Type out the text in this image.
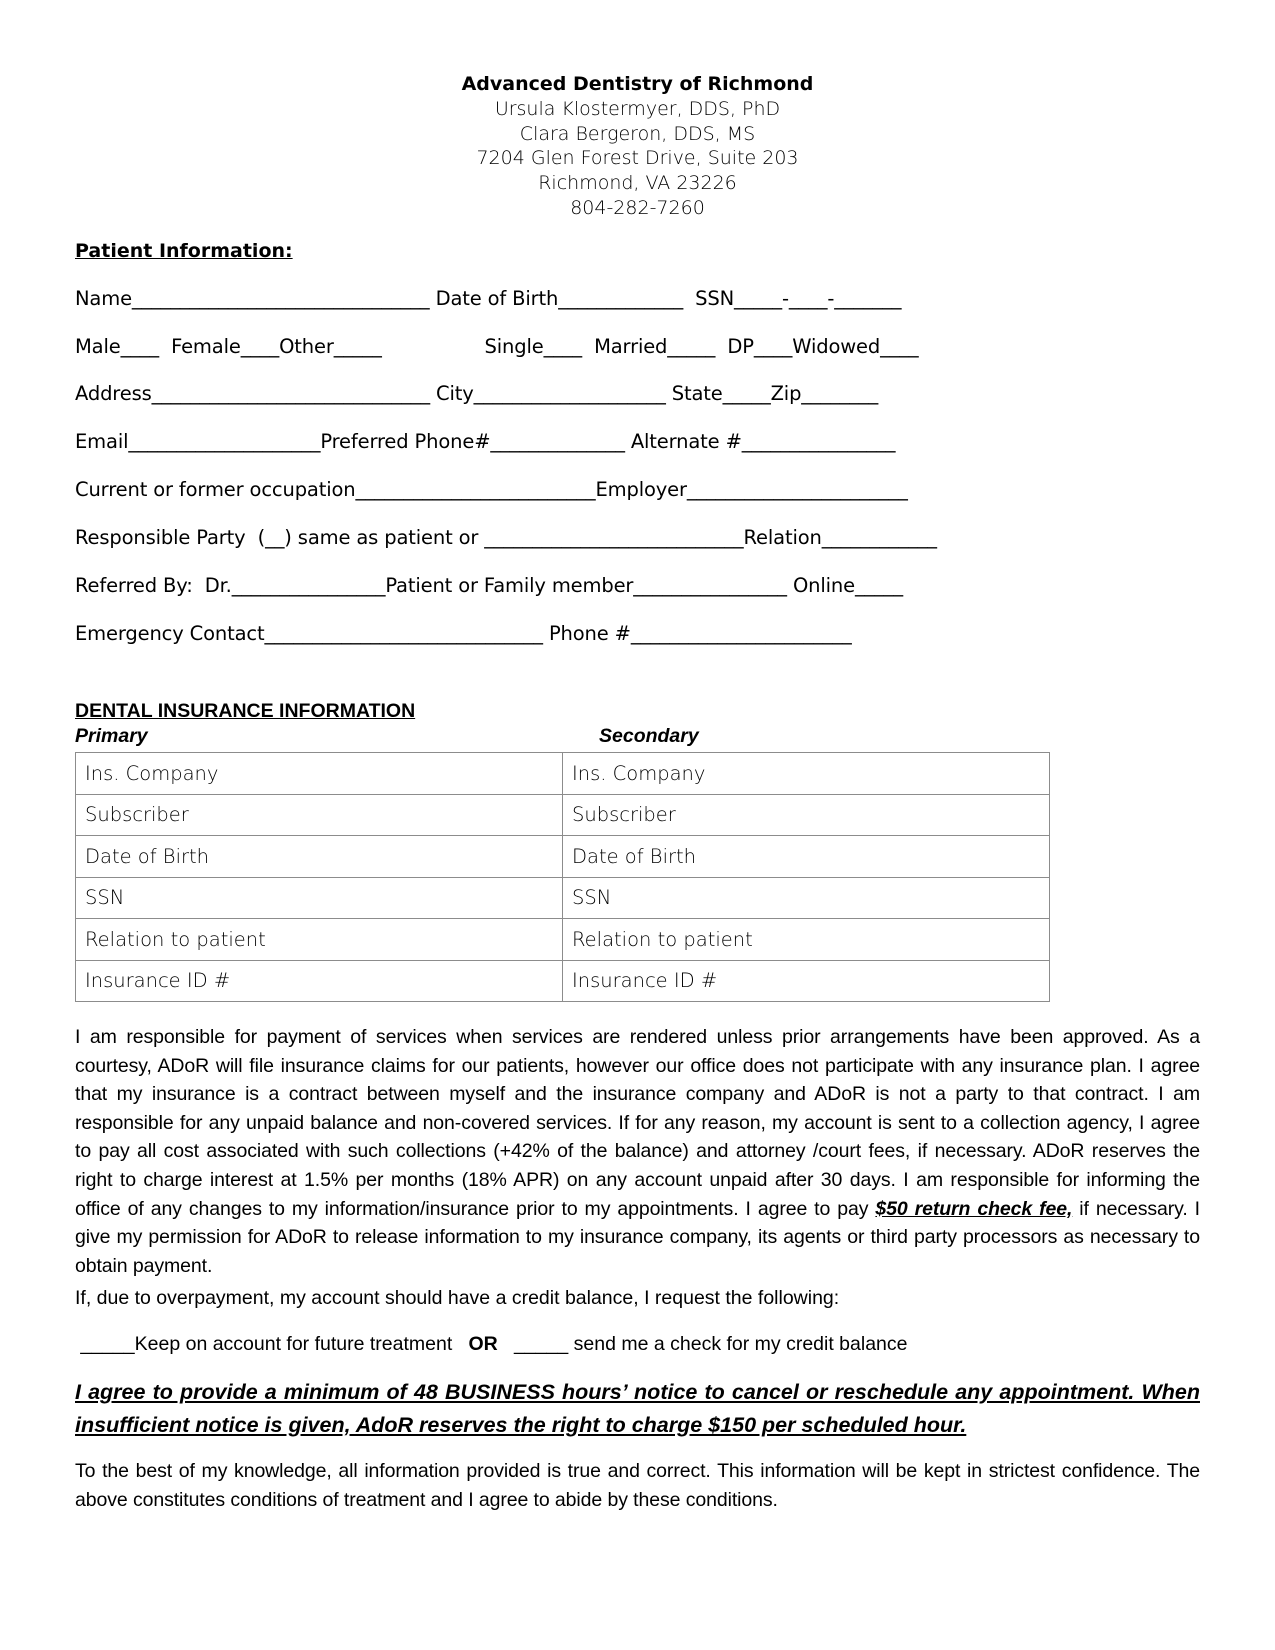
Advanced Dentistry of Richmond
Ursula Klostermyer, DDS, PhD
Clara Bergeron, DDS, MS
7204 Glen Forest Drive, Suite 203
Richmond, VA 23226
804-282-7260
Patient Information:
Name_______________________________ Date of Birth_____________  SSN_____-____-_______
Male____  Female____Other_____                 Single____  Married_____  DP____Widowed____
Address_____________________________ City____________________ State_____Zip________
Email____________________Preferred Phone#______________ Alternate #________________
Current or former occupation_________________________Employer_______________________
Responsible Party  (__) same as patient or ___________________________Relation____________
Referred By:  Dr.________________Patient or Family member________________ Online_____
Emergency Contact_____________________________ Phone #_______________________
DENTAL INSURANCE INFORMATION
Primary	Secondary
Ins. Company	Ins. Company
Subscriber	Subscriber
Date of Birth	Date of Birth
SSN	SSN
Relation to patient	Relation to patient
Insurance ID #	Insurance ID #
I am responsible for payment of services when services are rendered unless prior arrangements have been approved. As a courtesy, ADoR will file insurance claims for our patients, however our office does not participate with any insurance plan. I agree that my insurance is a contract between myself and the insurance company and ADoR is not a party to that contract. I am responsible for any unpaid balance and non-covered services. If for any reason, my account is sent to a collection agency, I agree to pay all cost associated with such collections (+42% of the balance) and attorney /court fees, if necessary. ADoR reserves the right to charge interest at 1.5% per months (18% APR) on any account unpaid after 30 days. I am responsible for informing the office of any changes to my information/insurance prior to my appointments. I agree to pay $50 return check fee, if necessary. I give my permission for ADoR to release information to my insurance company, its agents or third party processors as necessary to obtain payment.
If, due to overpayment, my account should have a credit balance, I request the following:
_____Keep on account for future treatment   OR   _____ send me a check for my credit balance
I agree to provide a minimum of 48 BUSINESS hours’ notice to cancel or reschedule any appointment. When insufficient notice is given, AdoR reserves the right to charge $150 per scheduled hour.
To the best of my knowledge, all information provided is true and correct. This information will be kept in strictest confidence. The above constitutes conditions of treatment and I agree to abide by these conditions.
